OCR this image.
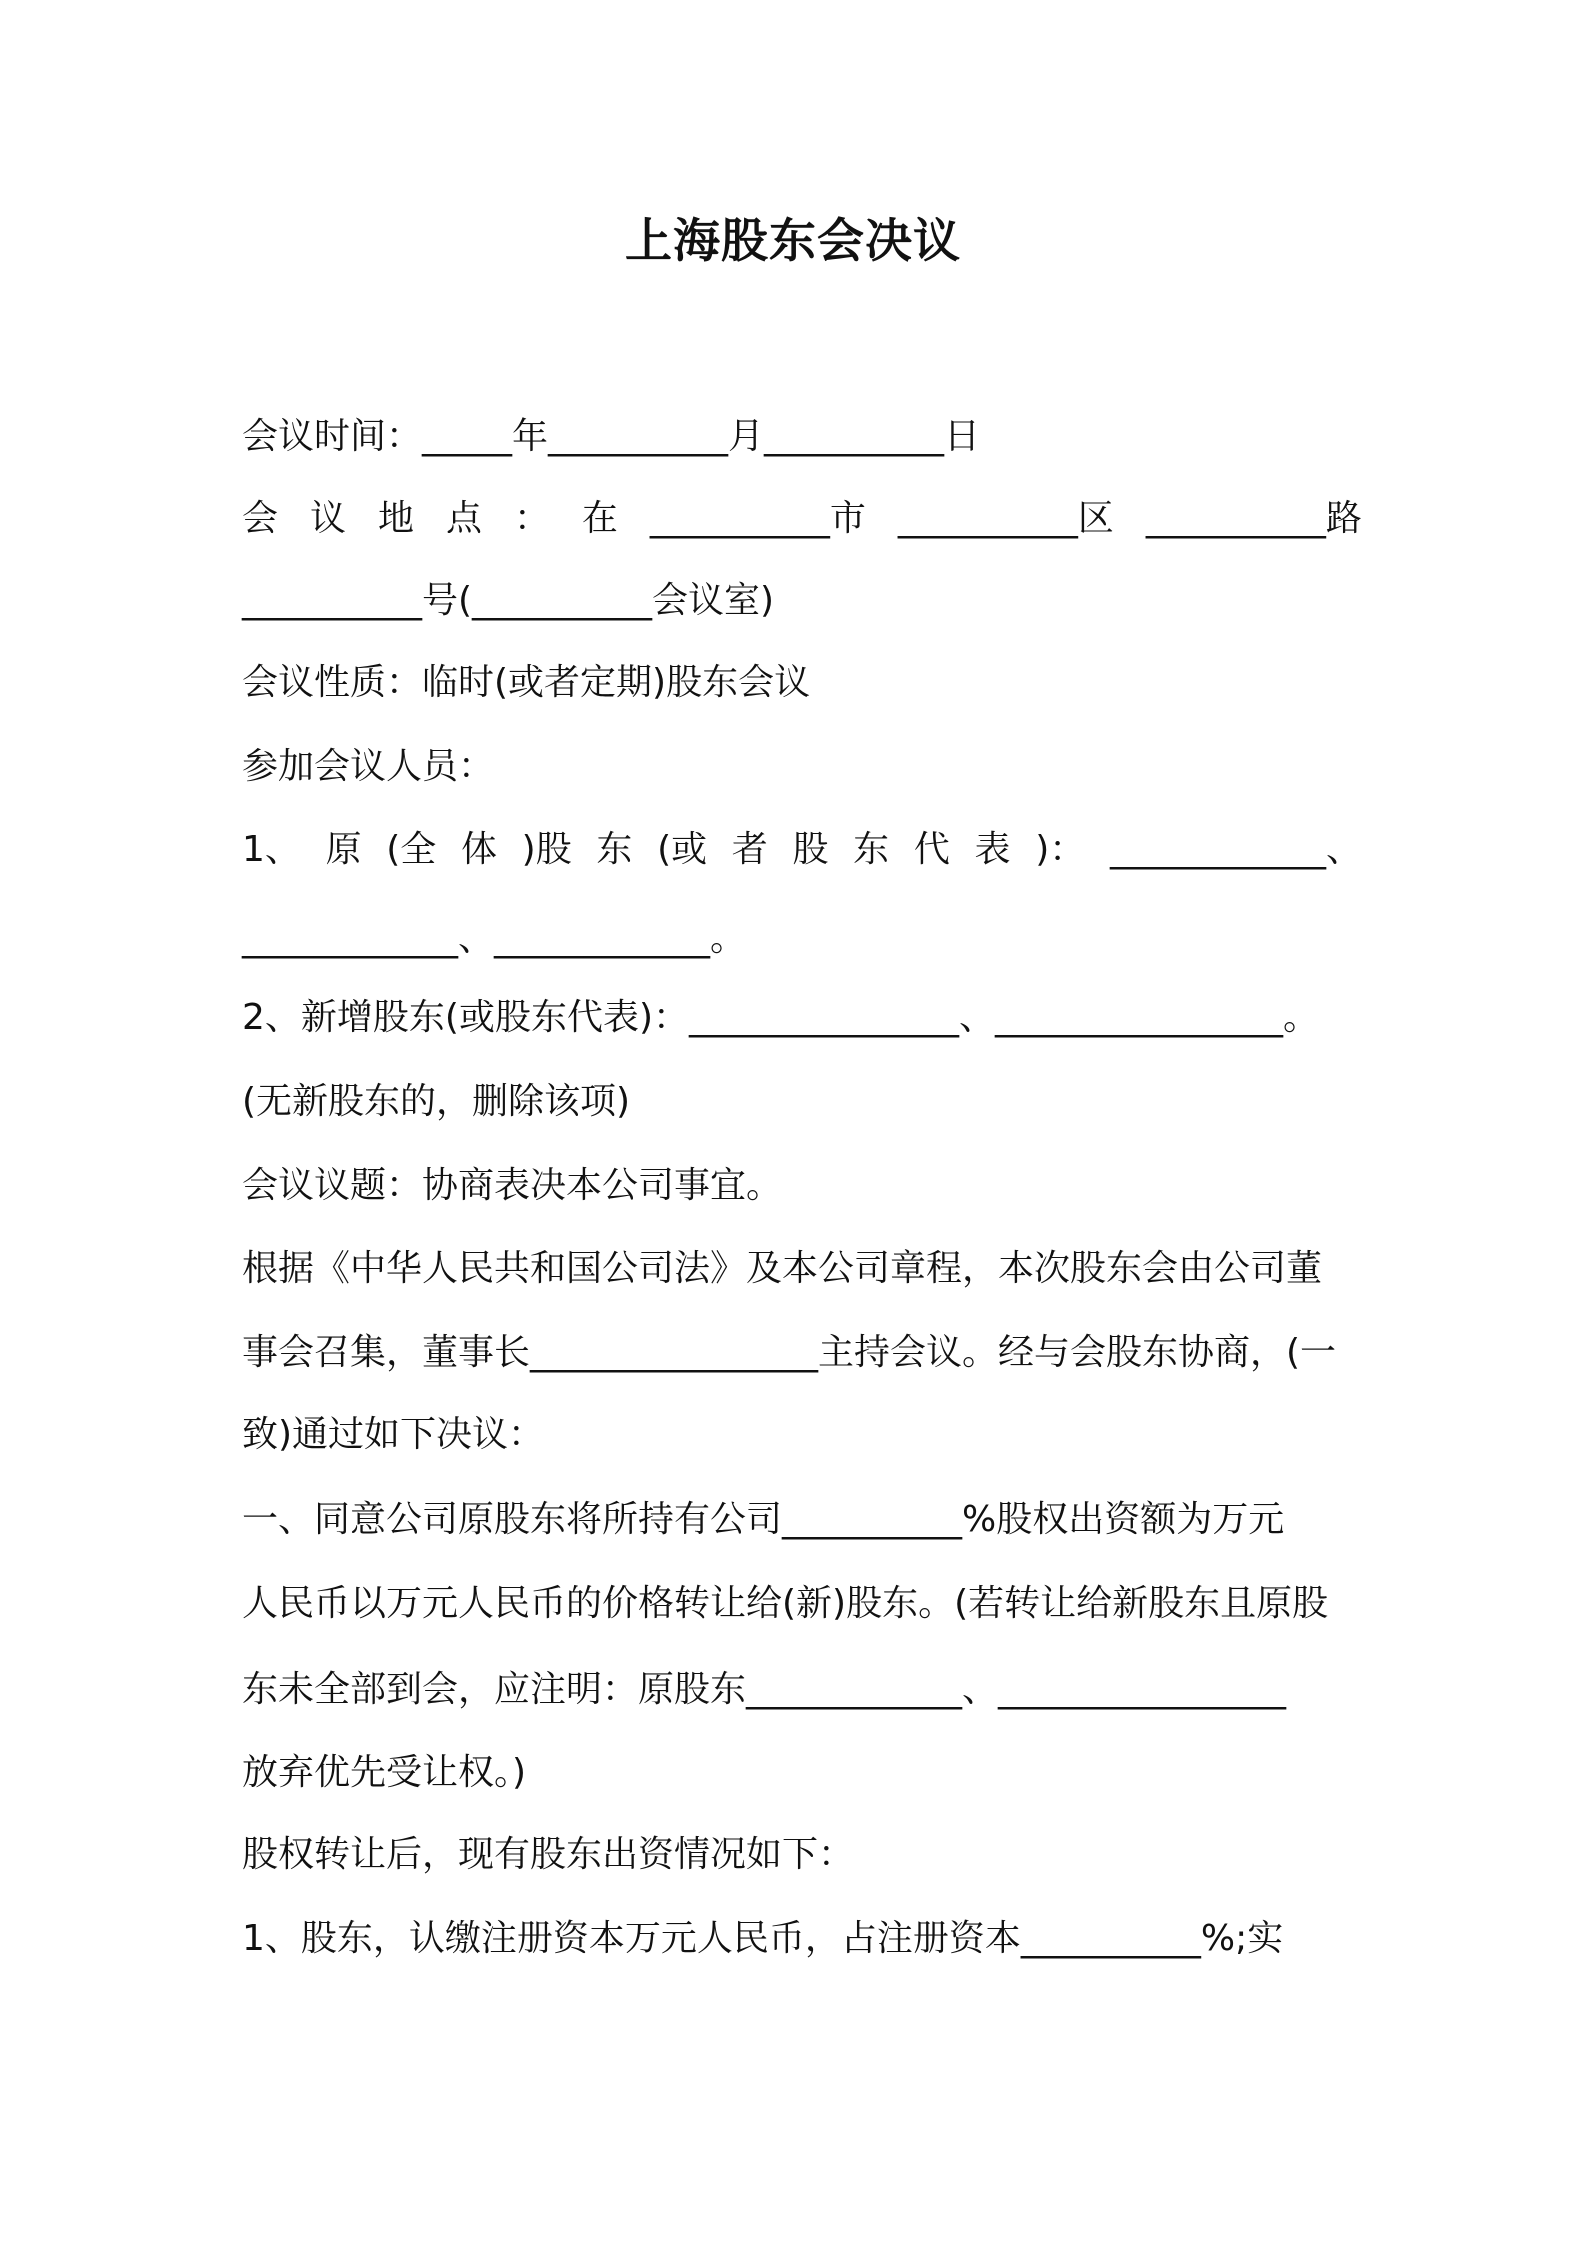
上海股东会决议
会议时间：_____年__________月__________日
会 议 地 点 ： 在 __________市 __________区 __________路
__________号(__________会议室)
会议性质：临时(或者定期)股东会议
参加会议人员：
1、 原 (全 体 )股 东 (或 者 股 东 代 表 )： ____________、
____________、____________。
2、新增股东(或股东代表)：_______________、________________。
(无新股东的，删除该项)
会议议题：协商表决本公司事宜。
根据《中华人民共和国公司法》及本公司章程，本次股东会由公司董
事会召集，董事长________________主持会议。经与会股东协商，(一
致)通过如下决议：
一、同意公司原股东将所持有公司__________%股权出资额为万元
人民币以万元人民币的价格转让给(新)股东。(若转让给新股东且原股
东未全部到会，应注明：原股东____________、________________
放弃优先受让权。)
股权转让后，现有股东出资情况如下：
1、股东，认缴注册资本万元人民币，占注册资本__________%;实
